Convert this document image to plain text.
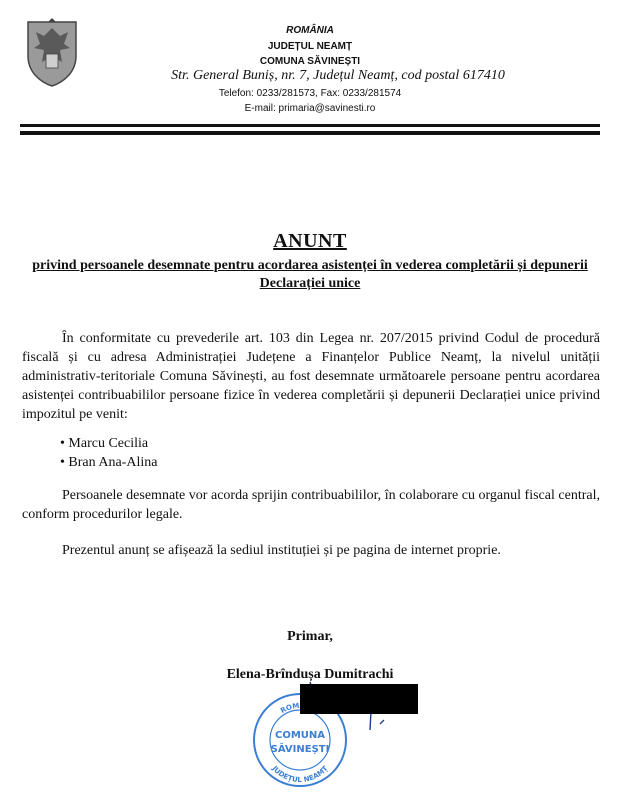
ROMÂNIA
JUDEȚUL NEAMȚ
COMUNA SĂVINEȘTI
Str. General Buniș, nr. 7, Județul Neamț, cod postal 617410
Telefon: 0233/281573, Fax: 0233/281574
E-mail: primaria@savinesti.ro
ANUNT
privind persoanele desemnate pentru acordarea asistenței în vederea completării și depunerii Declarației unice
În conformitate cu prevederile art. 103 din Legea nr. 207/2015 privind Codul de procedură fiscală și cu adresa Administrației Județene a Finanțelor Publice Neamț, la nivelul unității administrativ-teritoriale Comuna Săvinești, au fost desemnate următoarele persoane pentru acordarea asistenței contribuabililor persoane fizice în vederea completării și depunerii Declarației unice privind impozitul pe venit:
• Marcu Cecilia
• Bran Ana-Alina
Persoanele desemnate vor acorda sprijin contribuabililor, în colaborare cu organul fiscal central, conform procedurilor legale.
Prezentul anunț se afișează la sediul instituției și pe pagina de internet proprie.
Primar,
Elena-Brîndușa Dumitrachi
ROM
COMUNA
SĂVINEȘTI
JUDEȚUL NEAMȚ
